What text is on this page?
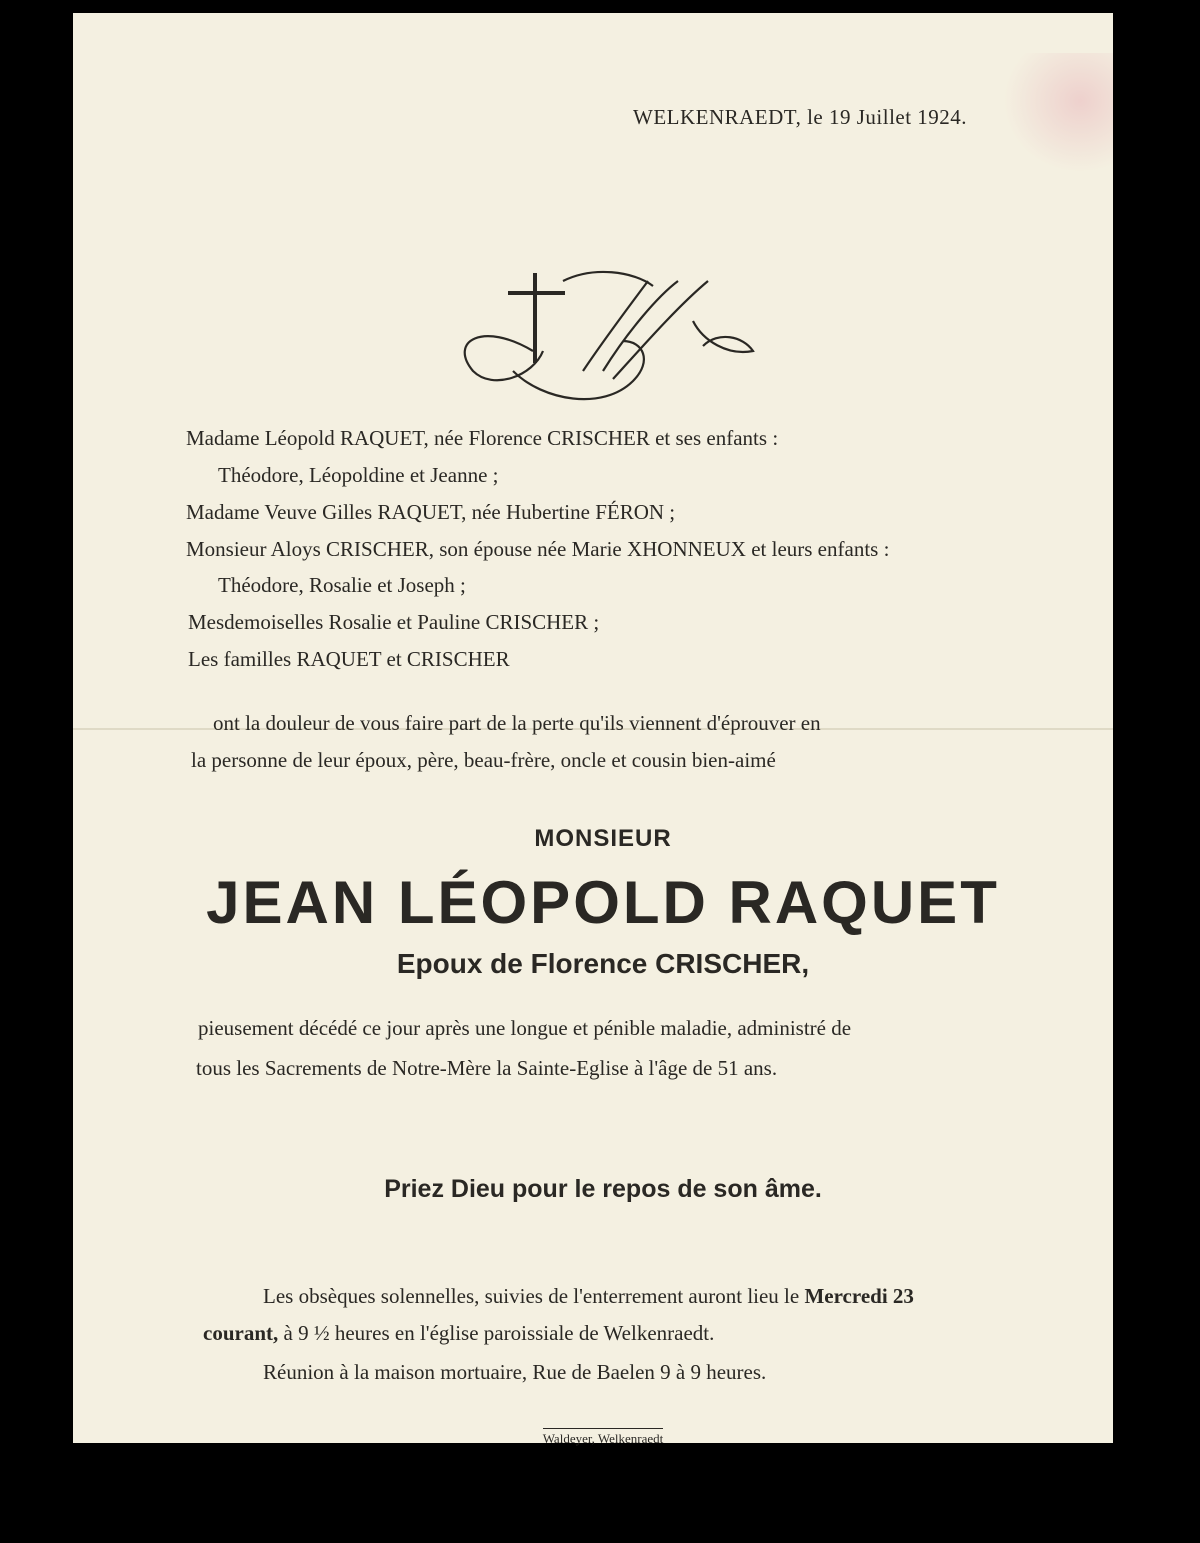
WELKENRAEDT, le 19 Juillet 1924.
Madame Léopold RAQUET, née Florence CRISCHER et ses enfants :
Théodore, Léopoldine et Jeanne ;
Madame Veuve Gilles RAQUET, née Hubertine FÉRON ;
Monsieur Aloys CRISCHER, son épouse née Marie XHONNEUX et leurs enfants :
Théodore, Rosalie et Joseph ;
Mesdemoiselles Rosalie et Pauline CRISCHER ;
Les familles RAQUET et CRISCHER
ont la douleur de vous faire part de la perte qu'ils viennent d'éprouver en
la personne de leur époux, père, beau-frère, oncle et cousin bien-aimé
MONSIEUR
JEAN LÉOPOLD RAQUET
Epoux de Florence CRISCHER,
pieusement décédé ce jour après une longue et pénible maladie, administré de
tous les Sacrements de Notre-Mère la Sainte-Eglise à l'âge de 51 ans.
Priez Dieu pour le repos de son âme.
Les obsèques solennelles, suivies de l'enterrement auront lieu le Mercredi 23
courant, à 9 ½ heures en l'église paroissiale de Welkenraedt.
Réunion à la maison mortuaire, Rue de Baelen 9 à 9 heures.
Waldeyer, Welkenraedt
